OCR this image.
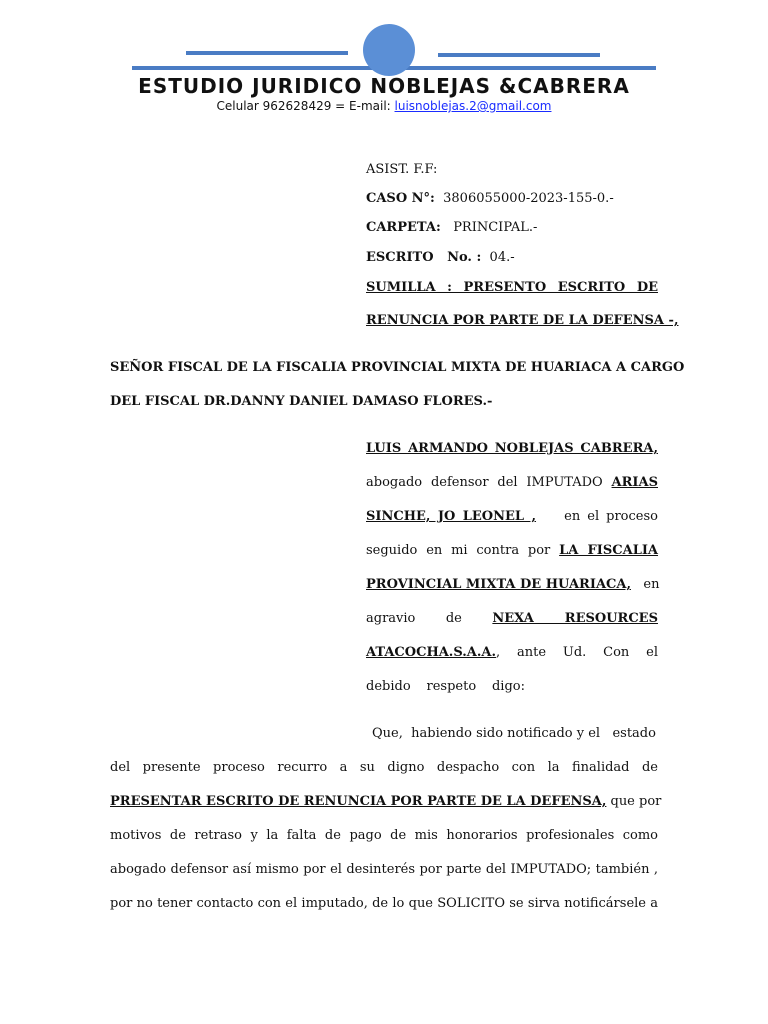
ESTUDIO JURIDICO NOBLEJAS &CABRERA
Celular 962628429 = E-mail: luisnoblejas.2@gmail.com
ASIST. F.F:
CASO N°: 3806055000-2023-155-0.-
CARPETA: PRINCIPAL.-
ESCRITO   No. : 04.-
SUMILLA : PRESENTO ESCRITO DE
RENUNCIA POR PARTE DE LA DEFENSA -,
SEÑOR FISCAL DE LA FISCALIA PROVINCIAL MIXTA DE HUARIACA A CARGO
DEL FISCAL DR.DANNY DANIEL DAMASO FLORES.-
LUIS ARMANDO NOBLEJAS CABRERA,
abogado defensor del IMPUTADO ARIAS
SINCHE, JO LEONEL , en el proceso
seguido en mi contra por LA FISCALIA
PROVINCIAL MIXTA DE HUARIACA, en
agravio de NEXA RESOURCES
ATACOCHA.S.A.A., ante Ud. Con el
debido respeto digo:
Que,  habiendo sido notificado y el   estado
del presente proceso recurro a su digno despacho con la finalidad de
PRESENTAR ESCRITO DE RENUNCIA POR PARTE DE LA DEFENSA, que por
motivos de retraso y la falta de pago de mis honorarios profesionales como
abogado defensor así mismo por el desinterés por parte del IMPUTADO; también ,
por no tener contacto con el imputado, de lo que SOLICITO se sirva notificársele a
